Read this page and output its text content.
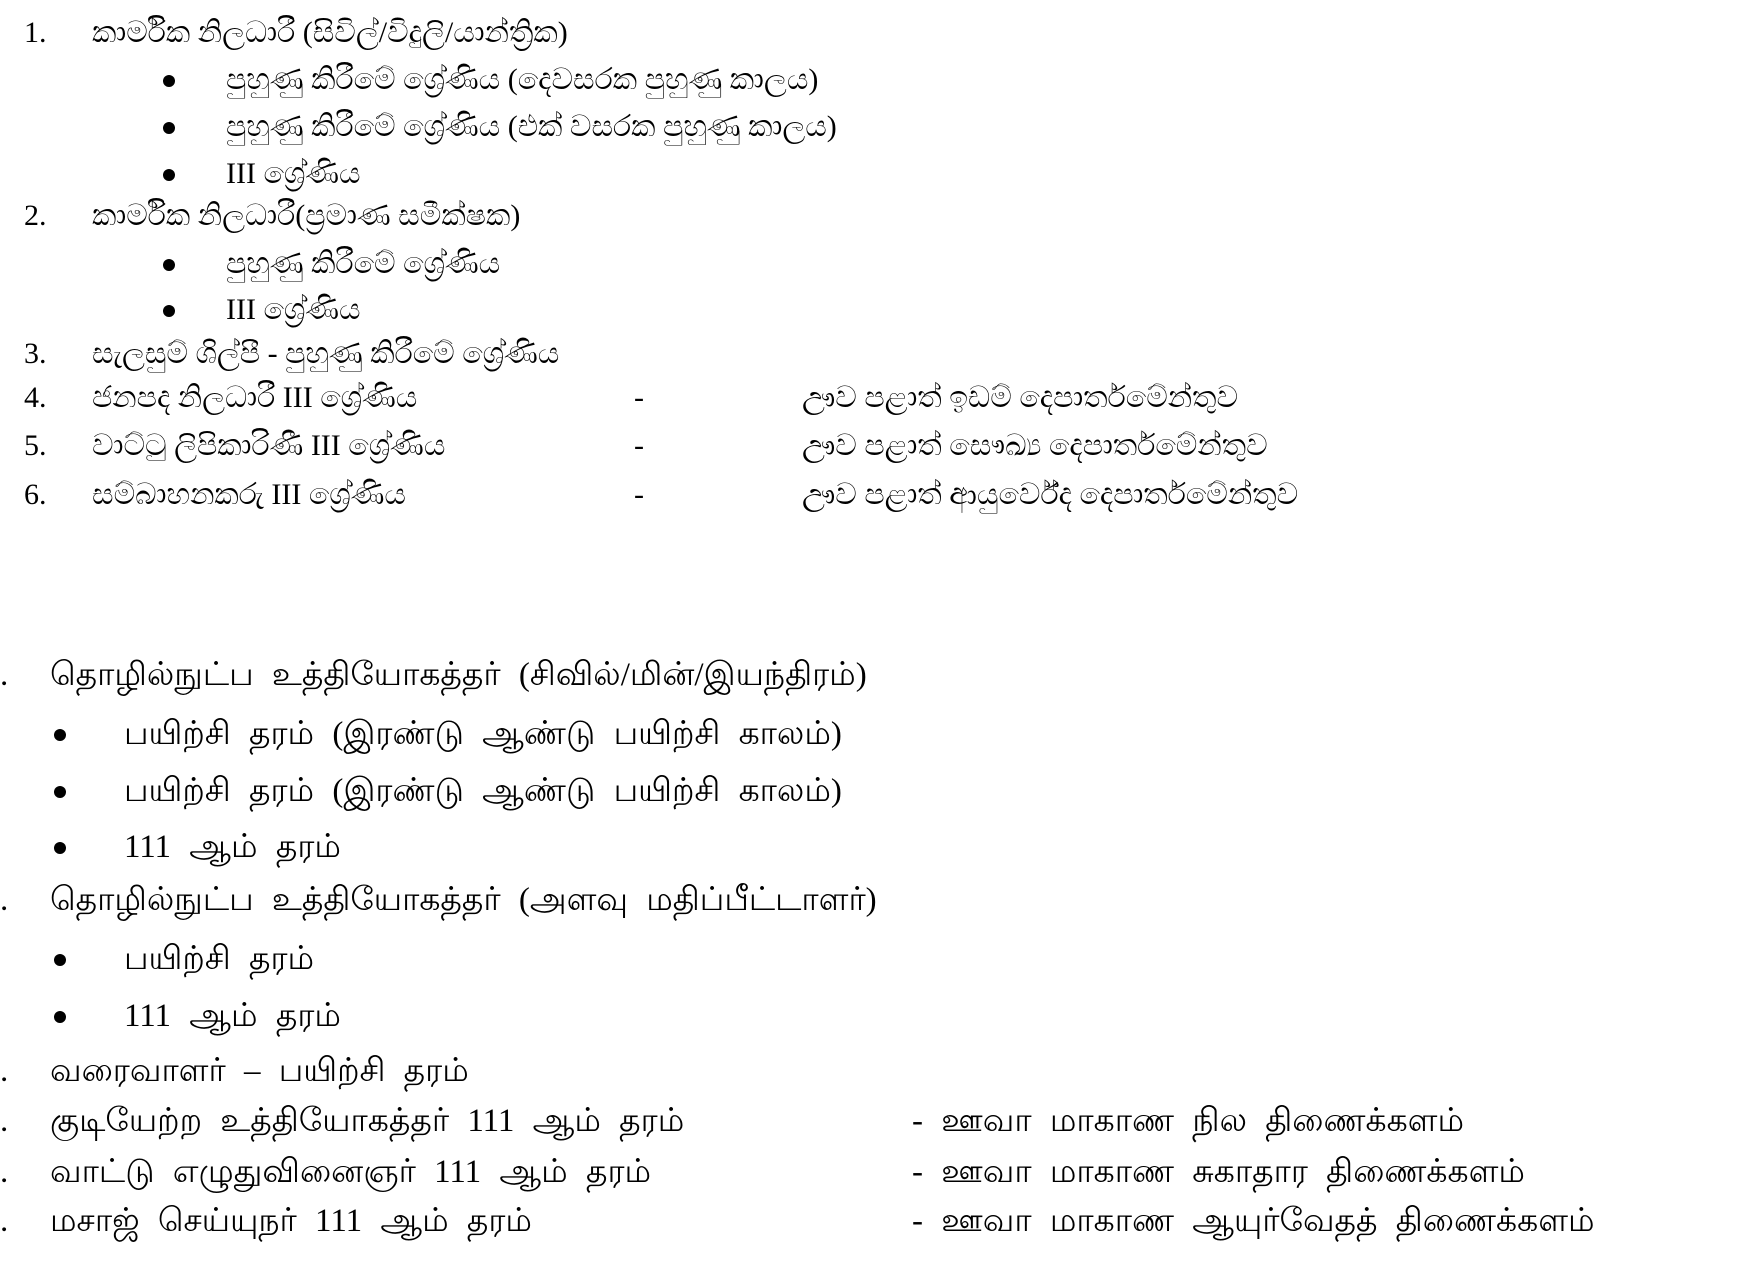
1. කාර්මික නිලධාරී (සිවිල්/විදුලි/යාන්ත්‍රික)
පුහුණු කිරීමේ ශ්‍රේණිය (දෙවසරක පුහුණු කාලය)
පුහුණු කිරීමේ ශ්‍රේණිය (එක් වසරක පුහුණු කාලය)
III ශ්‍රේණිය
2. කාර්මික නිලධාරී(ප්‍රමාණ සමීක්ෂක)
පුහුණු කිරීමේ ශ්‍රේණිය
III ශ්‍රේණිය
3. සැලසුම් ශිල්පී - පුහුණු කිරීමේ ශ්‍රේණිය
4. ජනපද නිලධාරී III ශ්‍රේණිය	-	ඌව පළාත් ඉඩම් දෙපාර්තමේන්තුව
5. වාට්ටු ලිපිකාරිණී III ශ්‍රේණිය	-	ඌව පළාත් සෞඛ්‍ය දෙපාර්තමේන්තුව
6. සම්බාහනකරු III ශ්‍රේණිය	-	ඌව පළාත් ආයුර්වේද දෙපාර්තමේන්තුව
. தொழில்நுட்ப உத்தியோகத்தர் (சிவில்/மின்/இயந்திரம்)
பயிற்சி தரம் (இரண்டு ஆண்டு பயிற்சி காலம்)
பயிற்சி தரம் (இரண்டு ஆண்டு பயிற்சி காலம்)
111 ஆம் தரம்
. தொழில்நுட்ப உத்தியோகத்தர் (அளவு மதிப்பீட்டாளர்)
பயிற்சி தரம்
111 ஆம் தரம்
. வரைவாளர் – பயிற்சி தரம்
. குடியேற்ற உத்தியோகத்தர் 111 ஆம் தரம்	- ஊவா மாகாண நில திணைக்களம்
. வாட்டு எழுதுவினைஞர் 111 ஆம் தரம்	- ஊவா மாகாண சுகாதார திணைக்களம்
. மசாஜ் செய்யுநர் 111 ஆம் தரம்	- ஊவா மாகாண ஆயுர்வேதத் திணைக்களம்
